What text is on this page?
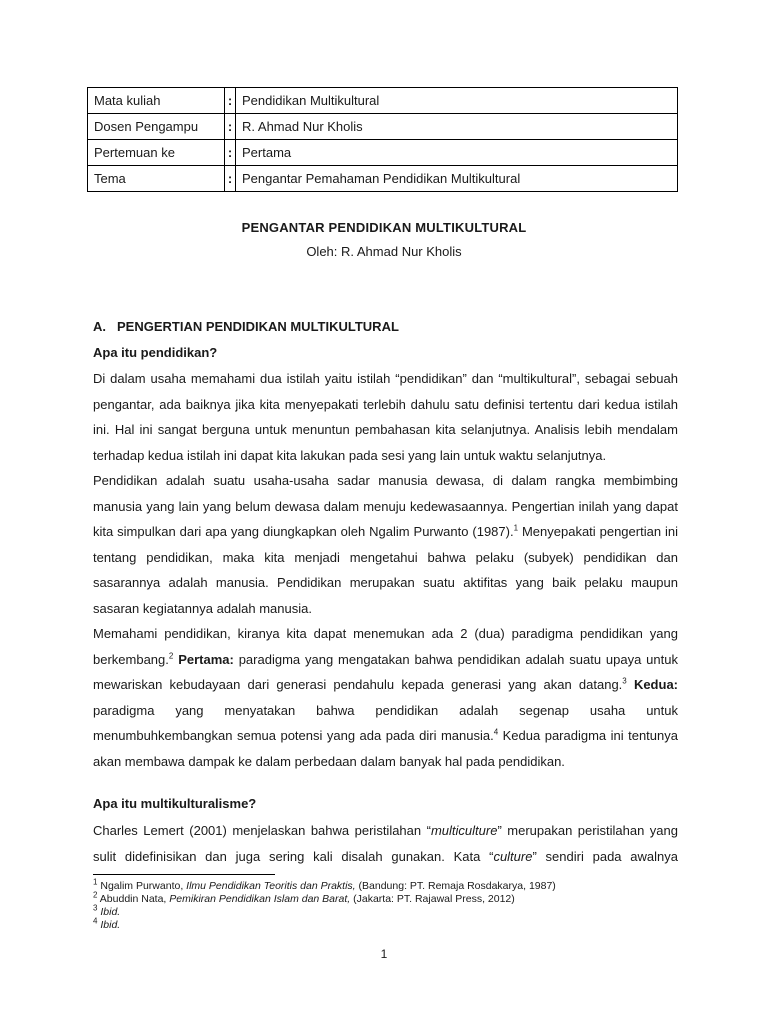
Mata kuliah	:	Pendidikan Multikultural
Dosen Pengampu	:	R. Ahmad Nur Kholis
Pertemuan ke	:	Pertama
Tema	:	Pengantar Pemahaman Pendidikan Multikultural
PENGANTAR PENDIDIKAN MULTIKULTURAL
Oleh: R. Ahmad Nur Kholis
A. PENGERTIAN PENDIDIKAN MULTIKULTURAL
Apa itu pendidikan?

Di dalam usaha memahami dua istilah yaitu istilah “pendidikan” dan “multikultural”, sebagai sebuah pengantar, ada baiknya jika kita menyepakati terlebih dahulu satu definisi tertentu dari kedua istilah ini. Hal ini sangat berguna untuk menuntun pembahasan kita selanjutnya. Analisis lebih mendalam terhadap kedua istilah ini dapat kita lakukan pada sesi yang lain untuk waktu selanjutnya.

Pendidikan adalah suatu usaha-usaha sadar manusia dewasa, di dalam rangka membimbing manusia yang lain yang belum dewasa dalam menuju kedewasaannya. Pengertian inilah yang dapat kita simpulkan dari apa yang diungkapkan oleh Ngalim Purwanto (1987).$^1$ Menyepakati pengertian ini tentang pendidikan, maka kita menjadi mengetahui bahwa pelaku (subyek) pendidikan dan sasarannya adalah manusia. Pendidikan merupakan suatu aktifitas yang baik pelaku maupun sasaran kegiatannya adalah manusia.

Memahami pendidikan, kiranya kita dapat menemukan ada 2 (dua) paradigma pendidikan yang berkembang.$^2$ Pertama: paradigma yang mengatakan bahwa pendidikan adalah suatu upaya untuk mewariskan kebudayaan dari generasi pendahulu kepada generasi yang akan datang.$^3$ Kedua: paradigma yang menyatakan bahwa pendidikan adalah segenap usaha untuk menumbuhkembangkan semua potensi yang ada pada diri manusia.$^4$ Kedua paradigma ini tentunya akan membawa dampak ke dalam perbedaan dalam banyak hal pada pendidikan.

Apa itu multikulturalisme?

Charles Lemert (2001) menjelaskan bahwa peristilahan “multiculture” merupakan peristilahan yang sulit didefinisikan dan juga sering kali disalah gunakan. Kata “culture” sendiri pada awalnya

$^1$ Ngalim Purwanto, Ilmu Pendidikan Teoritis dan Praktis, (Bandung: PT. Remaja Rosdakarya, 1987)
$^2$ Abuddin Nata, Pemikiran Pendidikan Islam dan Barat, (Jakarta: PT. Rajawal Press, 2012)
$^3$ Ibid.
$^4$ Ibid.
1
